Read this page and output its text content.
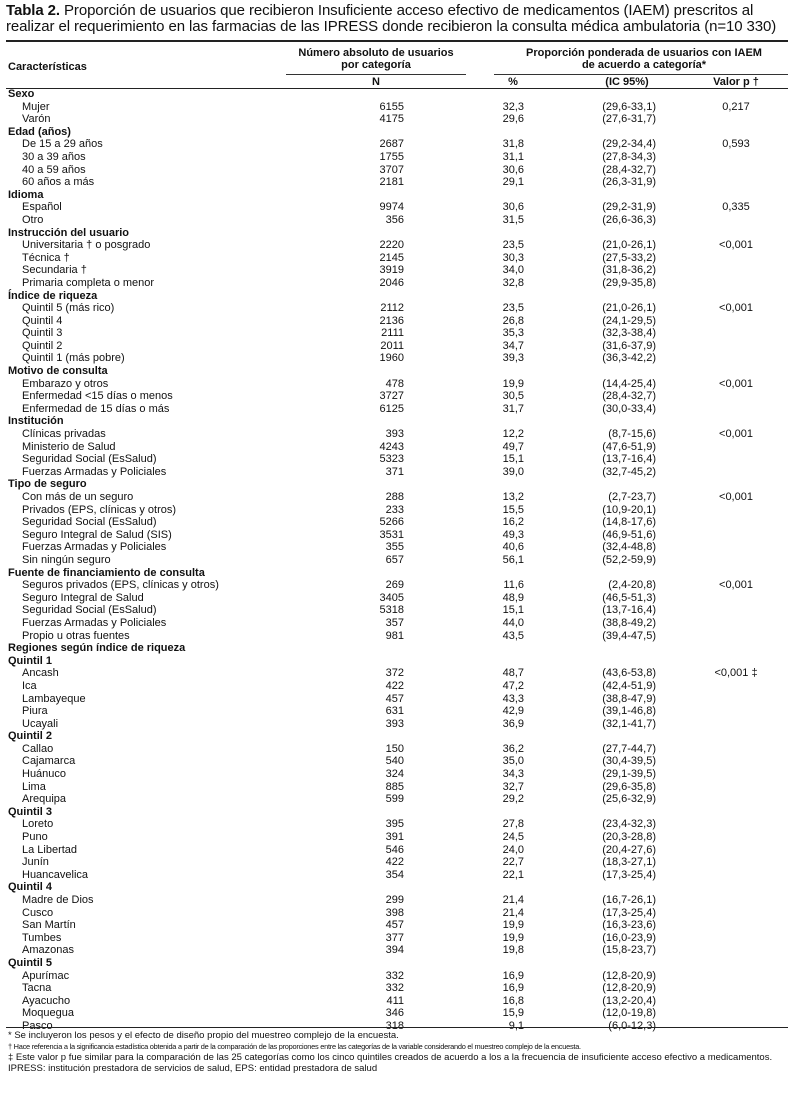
Tabla 2. Proporción de usuarios que recibieron Insuficiente acceso efectivo de medicamentos (IAEM) prescritos al realizar el requerimiento en las farmacias de las IPRESS donde recibieron la consulta médica ambulatoria (n=10 330)
Características
Número absoluto de usuarios
por categoría
Proporción ponderada de usuarios con IAEM
de acuerdo a categoría*
N	%	(IC 95%)	Valor p †
Sexo
Mujer	6155	32,3	(29,6-33,1)	0,217
Varón	4175	29,6	(27,6-31,7)
Edad (años)
De 15 a 29 años	2687	31,8	(29,2-34,4)	0,593
30 a 39 años	1755	31,1	(27,8-34,3)
40 a 59 años	3707	30,6	(28,4-32,7)
60 años a más	2181	29,1	(26,3-31,9)
Idioma
Español	9974	30,6	(29,2-31,9)	0,335
Otro	356	31,5	(26,6-36,3)
Instrucción del usuario
Universitaria † o posgrado	2220	23,5	(21,0-26,1)	<0,001
Técnica †	2145	30,3	(27,5-33,2)
Secundaria †	3919	34,0	(31,8-36,2)
Primaria completa o menor	2046	32,8	(29,9-35,8)
Índice de riqueza
Quintil 5 (más rico)	2112	23,5	(21,0-26,1)	<0,001
Quintil 4	2136	26,8	(24,1-29,5)
Quintil 3	2111	35,3	(32,3-38,4)
Quintil 2	2011	34,7	(31,6-37,9)
Quintil 1 (más pobre)	1960	39,3	(36,3-42,2)
Motivo de consulta
Embarazo y otros	478	19,9	(14,4-25,4)	<0,001
Enfermedad <15 días o menos	3727	30,5	(28,4-32,7)
Enfermedad de 15 días o más	6125	31,7	(30,0-33,4)
Institución
Clínicas privadas	393	12,2	(8,7-15,6)	<0,001
Ministerio de Salud	4243	49,7	(47,6-51,9)
Seguridad Social (EsSalud)	5323	15,1	(13,7-16,4)
Fuerzas Armadas y Policiales	371	39,0	(32,7-45,2)
Tipo de seguro
Con más de un seguro	288	13,2	(2,7-23,7)	<0,001
Privados (EPS, clínicas y otros)	233	15,5	(10,9-20,1)
Seguridad Social (EsSalud)	5266	16,2	(14,8-17,6)
Seguro Integral de Salud (SIS)	3531	49,3	(46,9-51,6)
Fuerzas Armadas y Policiales	355	40,6	(32,4-48,8)
Sin ningún seguro	657	56,1	(52,2-59,9)
Fuente de financiamiento de consulta
Seguros privados (EPS, clínicas y otros)	269	11,6	(2,4-20,8)	<0,001
Seguro Integral de Salud	3405	48,9	(46,5-51,3)
Seguridad Social (EsSalud)	5318	15,1	(13,7-16,4)
Fuerzas Armadas y Policiales	357	44,0	(38,8-49,2)
Propio u otras fuentes	981	43,5	(39,4-47,5)
Regiones según índice de riqueza
Quintil 1
Ancash	372	48,7	(43,6-53,8)	<0,001 ‡
Ica	422	47,2	(42,4-51,9)
Lambayeque	457	43,3	(38,8-47,9)
Piura	631	42,9	(39,1-46,8)
Ucayali	393	36,9	(32,1-41,7)
Quintil 2
Callao	150	36,2	(27,7-44,7)
Cajamarca	540	35,0	(30,4-39,5)
Huánuco	324	34,3	(29,1-39,5)
Lima	885	32,7	(29,6-35,8)
Arequipa	599	29,2	(25,6-32,9)
Quintil 3
Loreto	395	27,8	(23,4-32,3)
Puno	391	24,5	(20,3-28,8)
La Libertad	546	24,0	(20,4-27,6)
Junín	422	22,7	(18,3-27,1)
Huancavelica	354	22,1	(17,3-25,4)
Quintil 4
Madre de Dios	299	21,4	(16,7-26,1)
Cusco	398	21,4	(17,3-25,4)
San Martín	457	19,9	(16,3-23,6)
Tumbes	377	19,9	(16,0-23,9)
Amazonas	394	19,8	(15,8-23,7)
Quintil 5
Apurímac	332	16,9	(12,8-20,9)
Tacna	332	16,9	(12,8-20,9)
Ayacucho	411	16,8	(13,2-20,4)
Moquegua	346	15,9	(12,0-19,8)
Pasco	318	9,1	(6,0-12,3)
* Se incluyeron los pesos y el efecto de diseño propio del muestreo complejo de la encuesta.
† Hace referencia a la significancia estadística obtenida a partir de la comparación de las proporciones entre las categorías de la variable considerando el muestreo complejo de la encuesta.
‡ Este valor p fue similar para la comparación de las 25 categorías como los cinco quintiles creados de acuerdo a los a la frecuencia de insuficiente acceso efectivo a medicamentos.
IPRESS: institución prestadora de servicios de salud, EPS: entidad prestadora de salud
